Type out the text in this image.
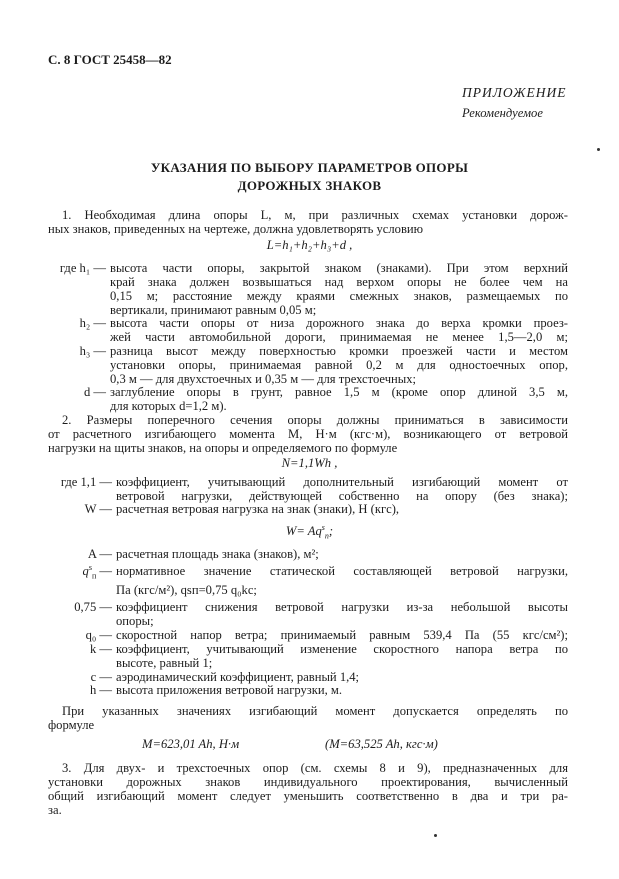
С. 8 ГОСТ 25458—82
ПРИЛОЖЕНИЕ
Рекомендуемое
УКАЗАНИЯ ПО ВЫБОРУ ПАРАМЕТРОВ ОПОРЫ
ДОРОЖНЫХ ЗНАКОВ
1. Необходимая длина опоры L, м, при различных схемах установки дорож-
ных знаков, приведенных на чертеже, должна удовлетворять условию
L=h₁+h₂+h₃+d ,
где h₁ — высота части опоры, закрытой знаком (знаками). При этом верхний
край знака должен возвышаться над верхом опоры не более чем на
0,15 м; расстояние между краями смежных знаков, размещаемых по
вертикали, принимают равным 0,05 м;
h₂ — высота части опоры от низа дорожного знака до верха кромки проез-
жей части автомобильной дороги, принимаемая не менее 1,5—2,0 м;
h₃ — разница высот между поверхностью кромки проезжей части и местом
установки опоры, принимаемая равной 0,2 м для одностоечных опор,
0,3 м — для двухстоечных и 0,35 м — для трехстоечных;
d — заглубление опоры в грунт, равное 1,5 м (кроме опор длиной 3,5 м,
для которых d=1,2 м).
2. Размеры поперечного сечения опоры должны приниматься в зависимости
от расчетного изгибающего момента M, Н·м (кгс·м), возникающего от ветровой
нагрузки на щиты знаков, на опоры и определяемого по формуле
N=1,1Wh ,
где 1,1 — коэффициент, учитывающий дополнительный изгибающий момент от
ветровой нагрузки, действующей собственно на опору (без знака);
W — расчетная ветровая нагрузка на знак (знаки), Н (кгс),
$W= Aq^s_п$;
A — расчетная площадь знака (знаков), м²;
$q^s_п$ — нормативное значение статической составляющей ветровой нагрузки,
Па (кгс/м²), qsп=0,75 q₀kc;
0,75 — коэффициент снижения ветровой нагрузки из-за небольшой высоты
опоры;
q₀ — скоростной напор ветра; принимаемый равным 539,4 Па (55 кгс/см²);
k — коэффициент, учитывающий изменение скоростного напора ветра по
высоте, равный 1;
c — аэродинамический коэффициент, равный 1,4;
h — высота приложения ветровой нагрузки, м.
При указанных значениях изгибающий момент допускается определять по
формуле
M=623,01 Ah, Н·м	(M=63,525 Ah, кгс·м)
3. Для двух- и трехстоечных опор (см. схемы 8 и 9), предназначенных для
установки дорожных знаков индивидуального проектирования, вычисленный
общий изгибающий момент следует уменьшить соответственно в два и три ра-
за.
